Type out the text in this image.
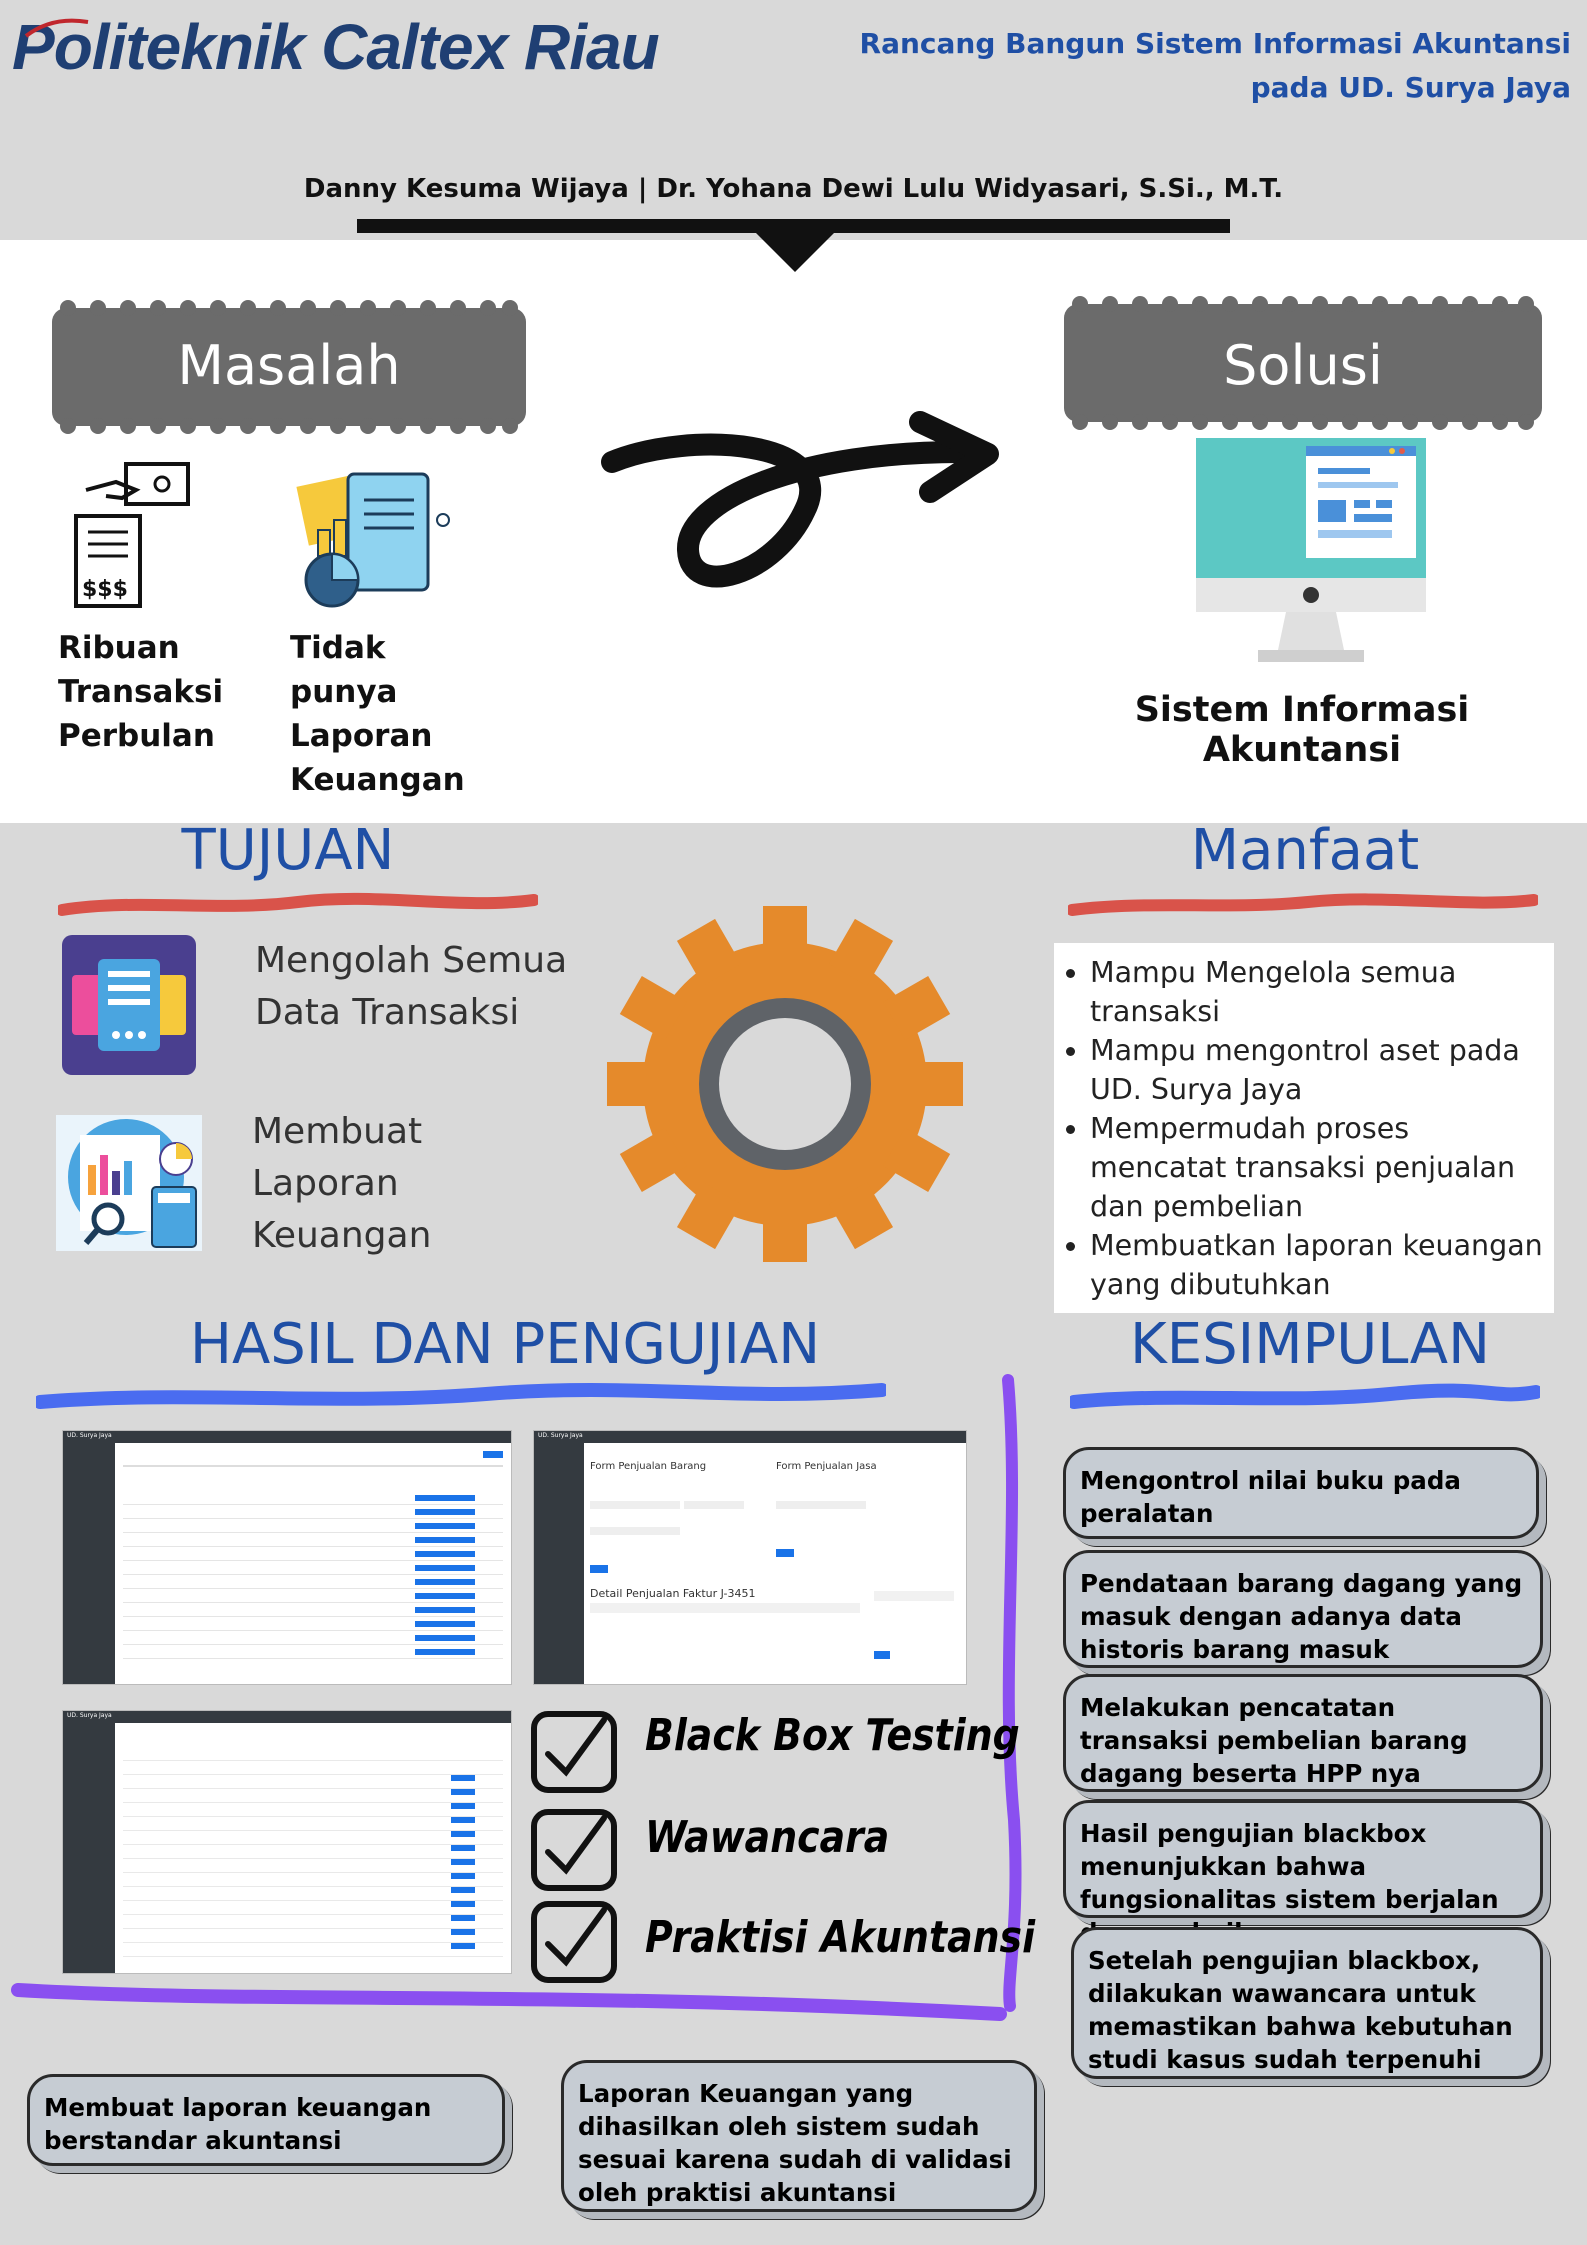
Politeknik Caltex Riau	Rancang Bangun Sistem Informasi Akuntansi
pada UD. Surya Jaya
Danny Kesuma Wijaya | Dr. Yohana Dewi Lulu Widyasari, S.Si., M.T.
Masalah
$$$
Ribuan Transaksi Perbulan
Tidak punya Laporan Keuangan
Solusi
Sistem Informasi Akuntansi
TUJUAN
Mengolah Semua Data Transaksi
Membuat Laporan Keuangan
Manfaat
• Mampu Mengelola semua transaksi
• Mampu mengontrol aset pada UD. Surya Jaya
• Mempermudah proses mencatat transaksi penjualan dan pembelian
• Membuatkan laporan keuangan yang dibutuhkan
HASIL DAN PENGUJIAN
UD. Surya Jaya	UD. Surya Jaya
Form Penjualan Barang	Form Penjualan Jasa
Detail Penjualan Faktur J-3451
UD. Surya Jaya	Black Box Testing
Wawancara
Praktisi Akuntansi
KESIMPULAN
Mengontrol nilai buku pada peralatan
Pendataan barang dagang yang masuk dengan adanya data historis barang masuk
Melakukan pencatatan transaksi pembelian barang dagang beserta HPP nya
Hasil pengujian blackbox menunjukkan bahwa fungsionalitas sistem berjalan
Setelah pengujian blackbox, dilakukan wawancara untuk memastikan bahwa kebutuhan studi kasus sudah terpenuhi
Membuat laporan keuangan berstandar akuntansi
Laporan Keuangan yang dihasilkan oleh sistem sudah sesuai karena sudah di validasi oleh praktisi akuntansi
